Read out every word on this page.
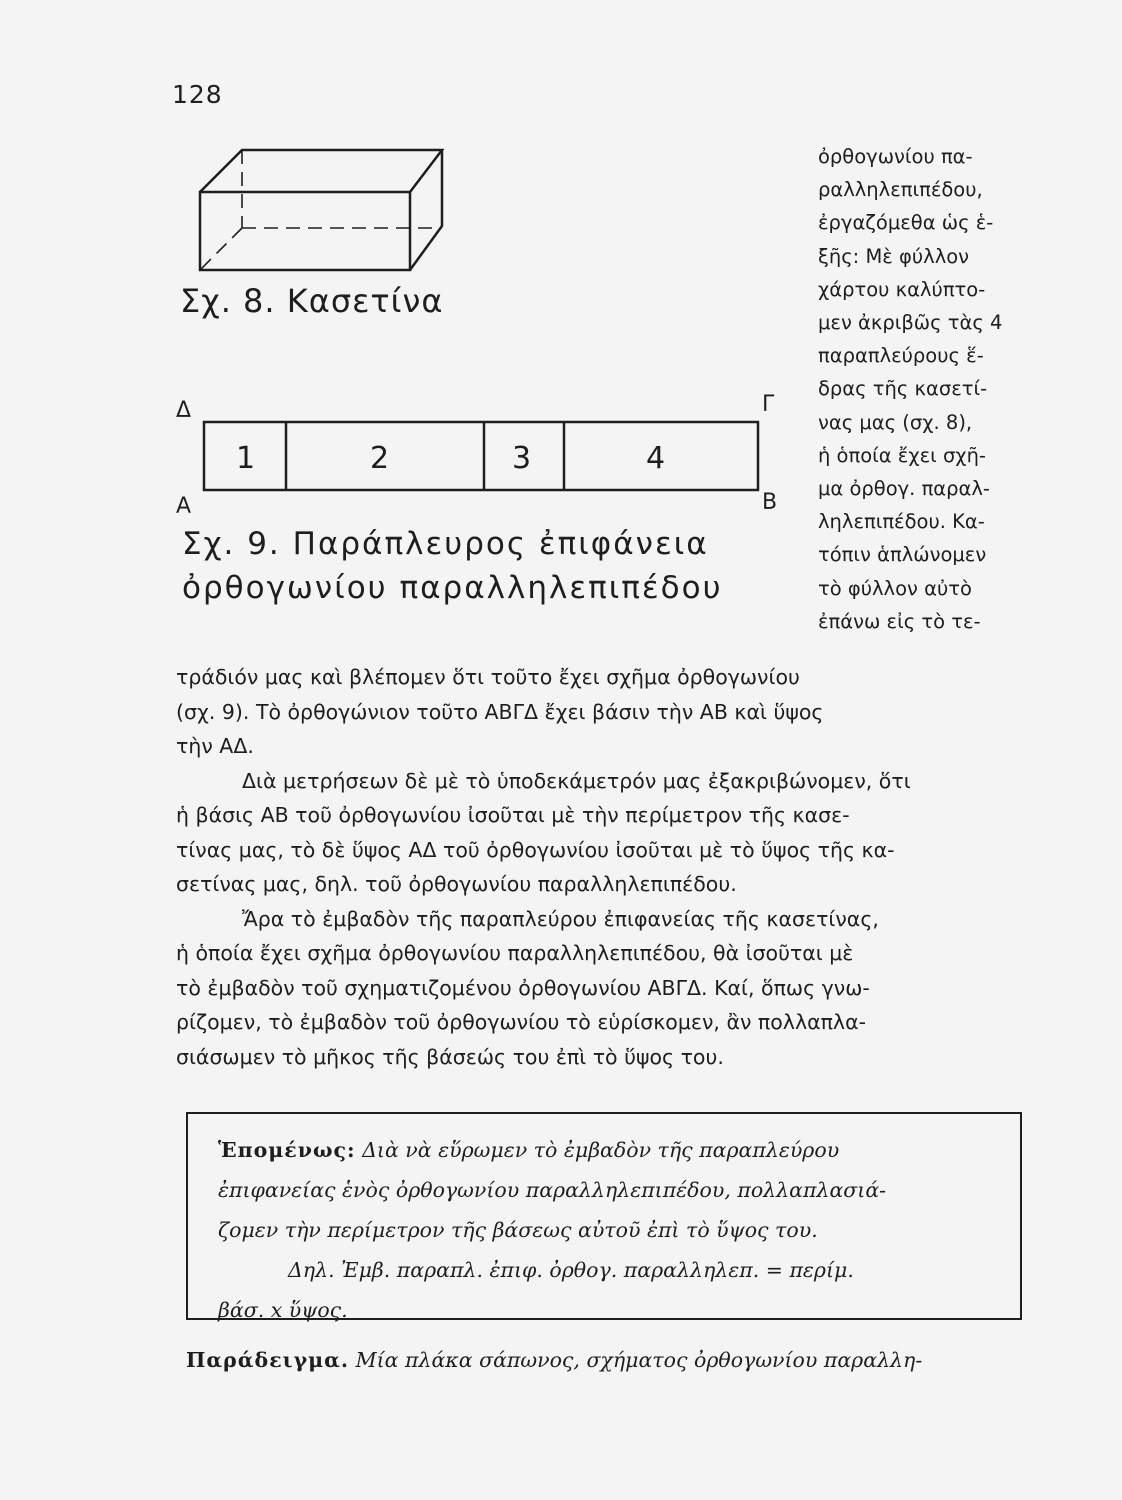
128
Σχ. 8. Κασετίνα
Δ	Γ
Α	Β
1	2	3	4
Σχ. 9. Παράπλευρος ἐπιφάνεια
ὀρθογωνίου παραλληλεπιπέδου
ὀρθογωνίου πα-
ραλληλεπιπέδου,
ἐργαζόμεθα ὡς ἑ-
ξῆς: Μὲ φύλλον
χάρτου καλύπτο-
μεν ἀκριβῶς τὰς 4
παραπλεύρους ἕ-
δρας τῆς κασετί-
νας μας (σχ. 8),
ἡ ὁποία ἔχει σχῆ-
μα ὀρθογ. παραλ-
ληλεπιπέδου. Κα-
τόπιν ἁπλώνομεν
τὸ φύλλον αὐτὸ
ἐπάνω εἰς τὸ τε-
τράδιόν μας καὶ βλέπομεν ὅτι τοῦτο ἔχει σχῆμα ὀρθογωνίου
(σχ. 9). Τὸ ὀρθογώνιον τοῦτο ΑΒΓΔ ἔχει βάσιν τὴν ΑΒ καὶ ὕψος
τὴν ΑΔ.
Διὰ μετρήσεων δὲ μὲ τὸ ὑποδεκάμετρόν μας ἐξακριβώνομεν, ὅτι
ἡ βάσις ΑΒ τοῦ ὀρθογωνίου ἰσοῦται μὲ τὴν περίμετρον τῆς κασε-
τίνας μας, τὸ δὲ ὕψος ΑΔ τοῦ ὀρθογωνίου ἰσοῦται μὲ τὸ ὕψος τῆς κα-
σετίνας μας, δηλ. τοῦ ὀρθογωνίου παραλληλεπιπέδου.
Ἄρα τὸ ἐμβαδὸν τῆς παραπλεύρου ἐπιφανείας τῆς κασετίνας,
ἡ ὁποία ἔχει σχῆμα ὀρθογωνίου παραλληλεπιπέδου, θὰ ἰσοῦται μὲ
τὸ ἐμβαδὸν τοῦ σχηματιζομένου ὀρθογωνίου ΑΒΓΔ. Καί, ὅπως γνω-
ρίζομεν, τὸ ἐμβαδὸν τοῦ ὀρθογωνίου τὸ εὑρίσκομεν, ἂν πολλαπλα-
σιάσωμεν τὸ μῆκος τῆς βάσεώς του ἐπὶ τὸ ὕψος του.
Ἑπομένως: Διὰ νὰ εὕρωμεν τὸ ἐμβαδὸν τῆς παραπλεύρου
ἐπιφανείας ἑνὸς ὀρθογωνίου παραλληλεπιπέδου, πολλαπλασιά-
ζομεν τὴν περίμετρον τῆς βάσεως αὐτοῦ ἐπὶ τὸ ὕψος του.
Δηλ. Ἐμβ. παραπλ. ἐπιφ. ὀρθογ. παραλληλεπ. = περίμ.
βάσ. x ὕψος.
Παράδειγμα. Μία πλάκα σάπωνος, σχήματος ὀρθογωνίου παραλλη-
